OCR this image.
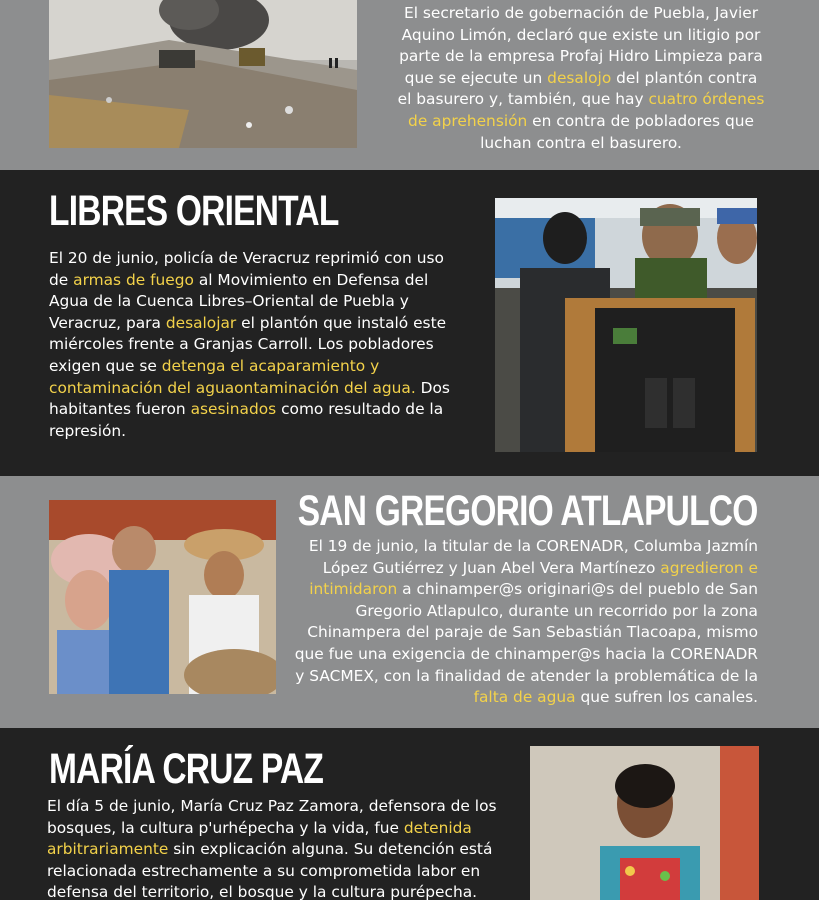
El secretario de gobernación de Puebla, Javier Aquino Limón, declaró que existe un litigio por parte de la empresa Profaj Hidro Limpieza para que se ejecute un desalojo del plantón contra el basurero y, también, que hay cuatro órdenes de aprehensión en contra de pobladores que luchan contra el basurero.

LIBRES ORIENTAL

El 20 de junio, policía de Veracruz reprimió con uso de armas de fuego al Movimiento en Defensa del Agua de la Cuenca Libres–Oriental de Puebla y Veracruz, para desalojar el plantón que instaló este miércoles frente a Granjas Carroll. Los pobladores exigen que se detenga el acaparamiento y contaminación del aguaontaminación del agua. Dos habitantes fueron asesinados como resultado de la represión.

SAN GREGORIO ATLAPULCO

El 19 de junio, la titular de la CORENADR, Columba Jazmín López Gutiérrez y Juan Abel Vera Martínezo agredieron e intimidaron a chinamper@s originari@s del pueblo de San Gregorio Atlapulco, durante un recorrido por la zona Chinampera del paraje de San Sebastián Tlacoapa, mismo que fue una exigencia de chinamper@s hacia la CORENADR y SACMEX, con la finalidad de atender la problemática de la falta de agua que sufren los canales.

MARÍA CRUZ PAZ

El día 5 de junio, María Cruz Paz Zamora, defensora de los bosques, la cultura p'urhépecha y la vida, fue detenida arbitrariamente sin explicación alguna. Su detención está relacionada estrechamente a su comprometida labor en defensa del territorio, el bosque y la cultura purépecha.
